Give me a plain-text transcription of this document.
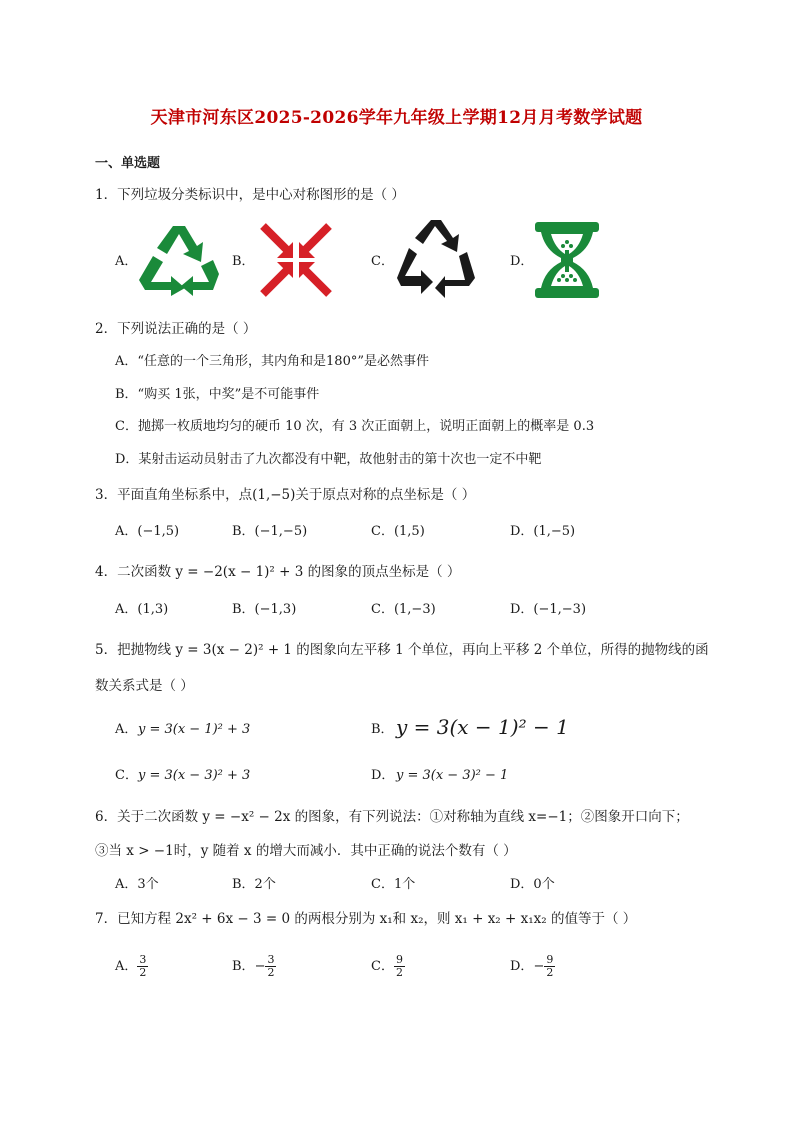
天津市河东区2025-2026学年九年级上学期12月月考数学试题
一、单选题
1．下列垃圾分类标识中，是中心对称图形的是（ ）
A．	B．	C．	D．
2．下列说法正确的是（ ）
A．“任意的一个三角形，其内角和是180°”是必然事件
B．“购买 1张，中奖”是不可能事件
C．抛掷一枚质地均匀的硬币 10 次，有 3 次正面朝上，说明正面朝上的概率是 0.3
D．某射击运动员射击了九次都没有中靶，故他射击的第十次也一定不中靶
3．平面直角坐标系中，点(1,−5)关于原点对称的点坐标是（ ）
A．(−1,5)	B．(−1,−5)	C．(1,5)	D．(1,−5)
4．二次函数 y = −2(x − 1)² + 3 的图象的顶点坐标是（ ）
A．(1,3)	B．(−1,3)	C．(1,−3)	D．(−1,−3)
5．把抛物线 y = 3(x − 2)² + 1 的图象向左平移 1 个单位，再向上平移 2 个单位，所得的抛物线的函
数关系式是（ ）
A． y = 3(x − 1)² + 3	B． y = 3(x − 1)² − 1
C． y = 3(x − 3)² + 3	D． y = 3(x − 3)² − 1
6．关于二次函数 y = −x² − 2x 的图象，有下列说法：①对称轴为直线 x=−1；②图象开口向下；
③当 x > −1时，y 随着 x 的增大而减小．其中正确的说法个数有（ ）
A．3个	B．2个	C．1个	D．0个
7．已知方程 2x² + 6x − 3 = 0 的两根分别为 x₁和 x₂，则 x₁ + x₂ + x₁x₂ 的值等于（ ）
A． $\frac{3}{2}$	B．− $\frac{3}{2}$	C． $\frac{9}{2}$	D．− $\frac{9}{2}$
